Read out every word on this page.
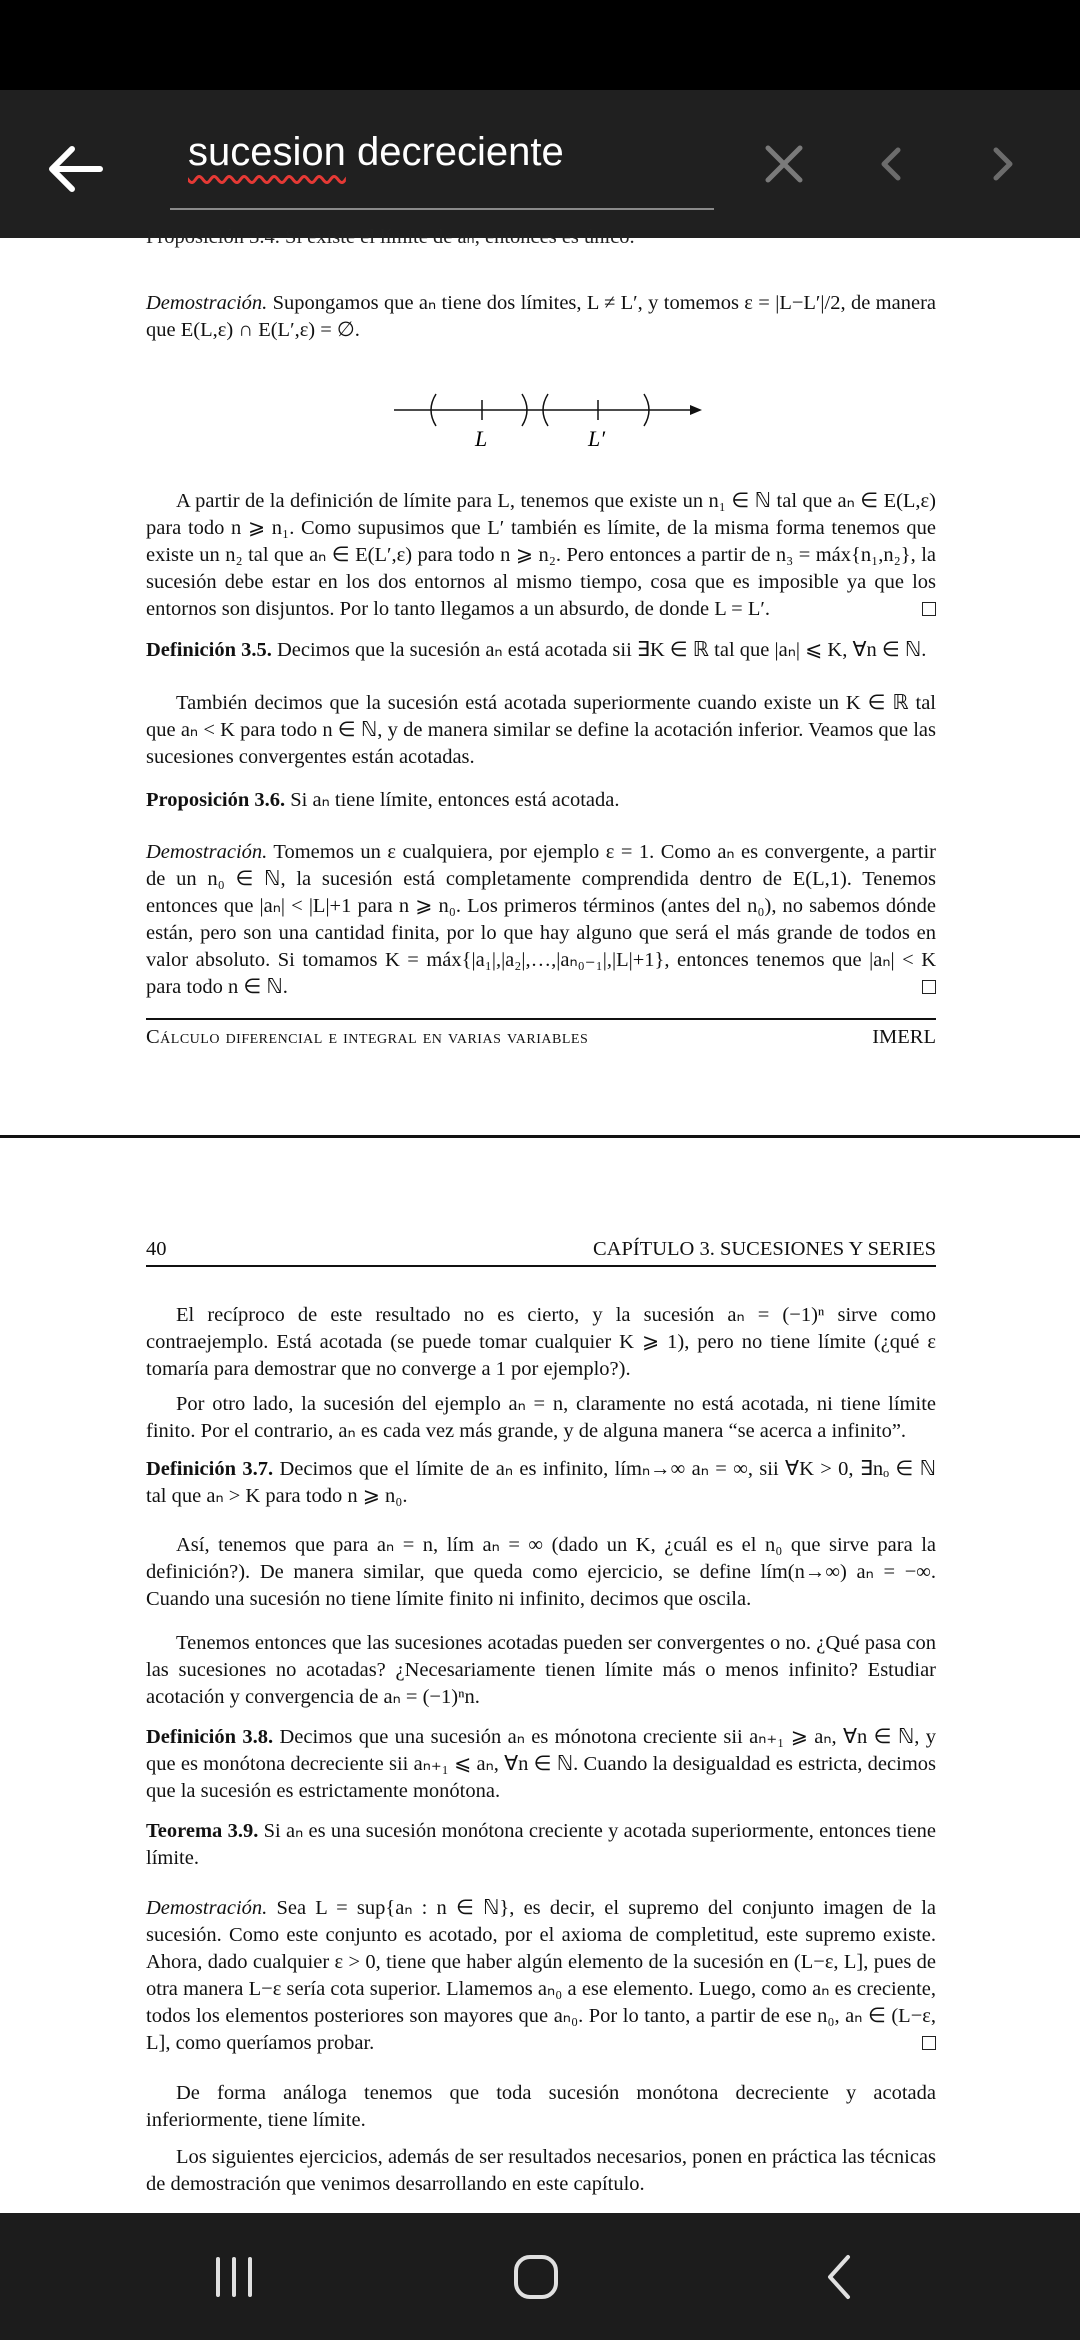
sucesion decreciente
Proposición 3.4. Si existe el límite de aₙ, entonces es único.

Demostración. Supongamos que aₙ tiene dos límites, L ≠ L′, y tomemos ε = |L−L′|/2, de manera que E(L,ε) ∩ E(L′,ε) = ∅.

L	L′

A partir de la definición de límite para L, tenemos que existe un n₁ ∈ ℕ tal que aₙ ∈ E(L,ε) para todo n ⩾ n₁. Como supusimos que L′ también es límite, de la misma forma tenemos que existe un n₂ tal que aₙ ∈ E(L′,ε) para todo n ⩾ n₂. Pero entonces a partir de n₃ = máx{n₁,n₂}, la sucesión debe estar en los dos entornos al mismo tiempo, cosa que es imposible ya que los entornos son disjuntos. Por lo tanto llegamos a un absurdo, de donde L = L′.

Definición 3.5. Decimos que la sucesión aₙ está acotada sii ∃K ∈ ℝ tal que |aₙ| ⩽ K, ∀n ∈ ℕ.

También decimos que la sucesión está acotada superiormente cuando existe un K ∈ ℝ tal que aₙ < K para todo n ∈ ℕ, y de manera similar se define la acotación inferior. Veamos que las sucesiones convergentes están acotadas.

Proposición 3.6. Si aₙ tiene límite, entonces está acotada.

Demostración. Tomemos un ε cualquiera, por ejemplo ε = 1. Como aₙ es convergente, a partir de un n₀ ∈ ℕ, la sucesión está completamente comprendida dentro de E(L,1). Tenemos entonces que |aₙ| < |L|+1 para n ⩾ n₀. Los primeros términos (antes del n₀), no sabemos dónde están, pero son una cantidad finita, por lo que hay alguno que será el más grande de todos en valor absoluto. Si tomamos K = máx{|a₁|,|a₂|,…,|aₙ₀₋₁|,|L|+1}, entonces tenemos que |aₙ| < K para todo n ∈ ℕ.

Cálculo diferencial e integral en varias variables	IMERL
40	CAPÍTULO 3. SUCESIONES Y SERIES

El recíproco de este resultado no es cierto, y la sucesión aₙ = (−1)ⁿ sirve como contraejemplo. Está acotada (se puede tomar cualquier K ⩾ 1), pero no tiene límite (¿qué ε tomaría para demostrar que no converge a 1 por ejemplo?).

Por otro lado, la sucesión del ejemplo aₙ = n, claramente no está acotada, ni tiene límite finito. Por el contrario, aₙ es cada vez más grande, y de alguna manera “se acerca a infinito”.

Definición 3.7. Decimos que el límite de aₙ es infinito, límₙ→∞ aₙ = ∞, sii ∀K > 0, ∃nₒ ∈ ℕ tal que aₙ > K para todo n ⩾ n₀.

Así, tenemos que para aₙ = n, lím aₙ = ∞ (dado un K, ¿cuál es el n₀ que sirve para la definición?). De manera similar, que queda como ejercicio, se define lím(n→∞) aₙ = −∞. Cuando una sucesión no tiene límite finito ni infinito, decimos que oscila.

Tenemos entonces que las sucesiones acotadas pueden ser convergentes o no. ¿Qué pasa con las sucesiones no acotadas? ¿Necesariamente tienen límite más o menos infinito? Estudiar acotación y convergencia de aₙ = (−1)ⁿn.

Definición 3.8. Decimos que una sucesión aₙ es mónotona creciente sii aₙ₊₁ ⩾ aₙ, ∀n ∈ ℕ, y que es monótona decreciente sii aₙ₊₁ ⩽ aₙ, ∀n ∈ ℕ. Cuando la desigualdad es estricta, decimos que la sucesión es estrictamente monótona.

Teorema 3.9. Si aₙ es una sucesión monótona creciente y acotada superiormente, entonces tiene límite.

Demostración. Sea L = sup{aₙ : n ∈ ℕ}, es decir, el supremo del conjunto imagen de la sucesión. Como este conjunto es acotado, por el axioma de completitud, este supremo existe. Ahora, dado cualquier ε > 0, tiene que haber algún elemento de la sucesión en (L−ε, L], pues de otra manera L−ε sería cota superior. Llamemos aₙ₀ a ese elemento. Luego, como aₙ es creciente, todos los elementos posteriores son mayores que aₙ₀. Por lo tanto, a partir de ese n₀, aₙ ∈ (L−ε, L], como queríamos probar.

De forma análoga tenemos que toda sucesión monótona decreciente y acotada inferiormente, tiene límite.

Los siguientes ejercicios, además de ser resultados necesarios, ponen en práctica las técnicas de demostración que venimos desarrollando en este capítulo.
